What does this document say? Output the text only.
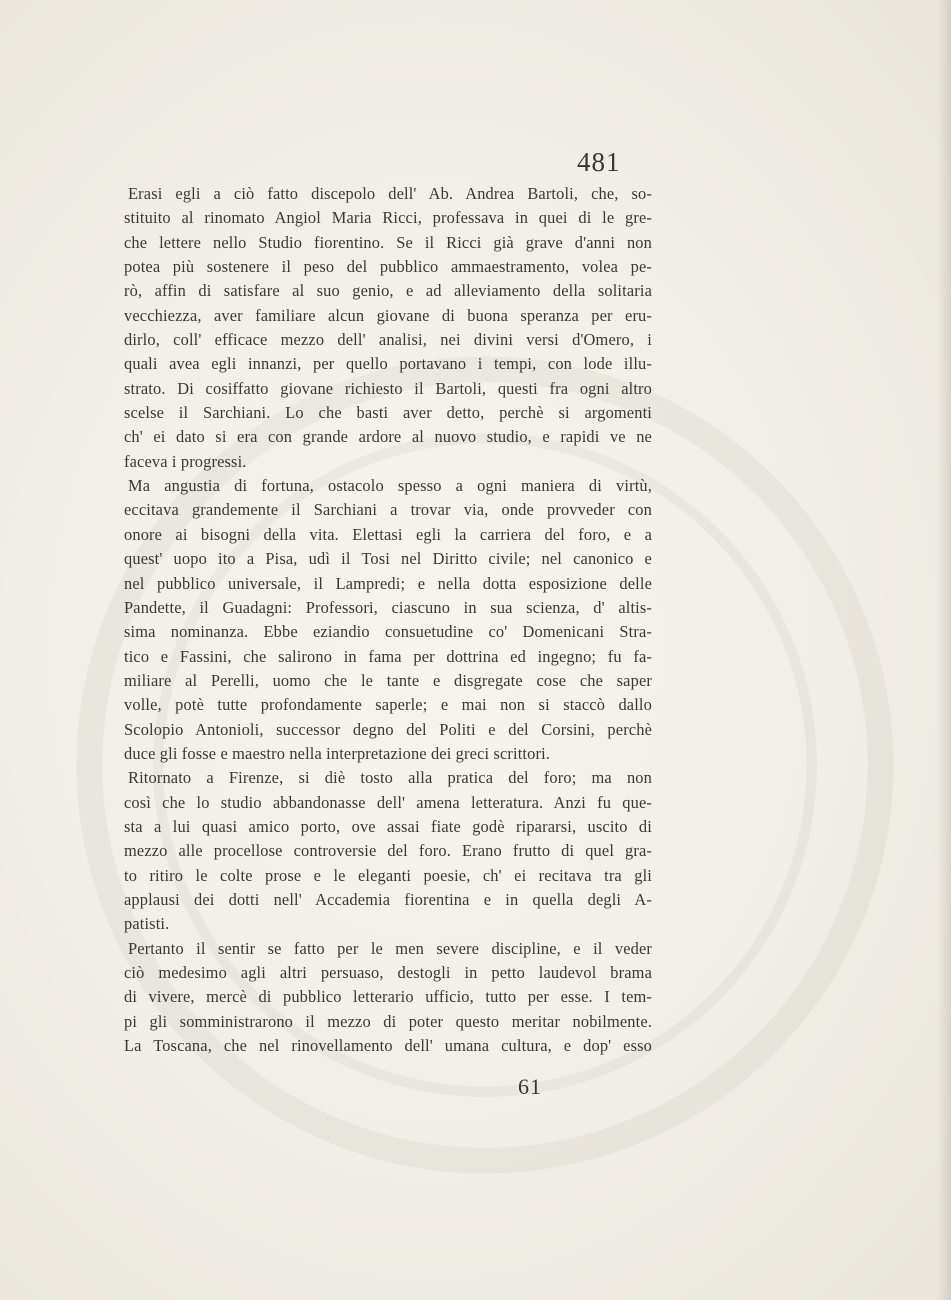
481
Erasi egli a ciò fatto discepolo dell' Ab. Andrea Bartoli, che, so-
stituito al rinomato Angiol Maria Ricci, professava in quei di le gre-
che lettere nello Studio fiorentino. Se il Ricci già grave d'anni non
potea più sostenere il peso del pubblico ammaestramento, volea pe-
rò, affin di satisfare al suo genio, e ad alleviamento della solitaria
vecchiezza, aver familiare alcun giovane di buona speranza per eru-
dirlo, coll' efficace mezzo dell' analisi, nei divini versi d'Omero, i
quali avea egli innanzi, per quello portavano i tempi, con lode illu-
strato. Di cosiffatto giovane richiesto il Bartoli, questi fra ogni altro
scelse il Sarchiani. Lo che basti aver detto, perchè si argomenti
ch' ei dato si era con grande ardore al nuovo studio, e rapidi ve ne
faceva i progressi.
Ma angustia di fortuna, ostacolo spesso a ogni maniera di virtù,
eccitava grandemente il Sarchiani a trovar via, onde provveder con
onore ai bisogni della vita. Elettasi egli la carriera del foro, e a
quest' uopo ito a Pisa, udì il Tosi nel Diritto civile; nel canonico e
nel pubblico universale, il Lampredi; e nella dotta esposizione delle
Pandette, il Guadagni: Professori, ciascuno in sua scienza, d' altis-
sima nominanza. Ebbe eziandio consuetudine co' Domenicani Stra-
tico e Fassini, che salirono in fama per dottrina ed ingegno; fu fa-
miliare al Perelli, uomo che le tante e disgregate cose che saper
volle, potè tutte profondamente saperle; e mai non si staccò dallo
Scolopio Antonioli, successor degno del Politi e del Corsini, perchè
duce gli fosse e maestro nella interpretazione dei greci scrittori.
Ritornato a Firenze, si diè tosto alla pratica del foro; ma non
così che lo studio abbandonasse dell' amena letteratura. Anzi fu que-
sta a lui quasi amico porto, ove assai fiate godè ripararsi, uscito di
mezzo alle procellose controversie del foro. Erano frutto di quel gra-
to ritiro le colte prose e le eleganti poesie, ch' ei recitava tra gli
applausi dei dotti nell' Accademia fiorentina e in quella degli A-
patisti.
Pertanto il sentir se fatto per le men severe discipline, e il veder
ciò medesimo agli altri persuaso, destogli in petto laudevol brama
di vivere, mercè di pubblico letterario ufficio, tutto per esse. I tem-
pi gli somministrarono il mezzo di poter questo meritar nobilmente.
La Toscana, che nel rinovellamento dell' umana cultura, e dop' esso
61
